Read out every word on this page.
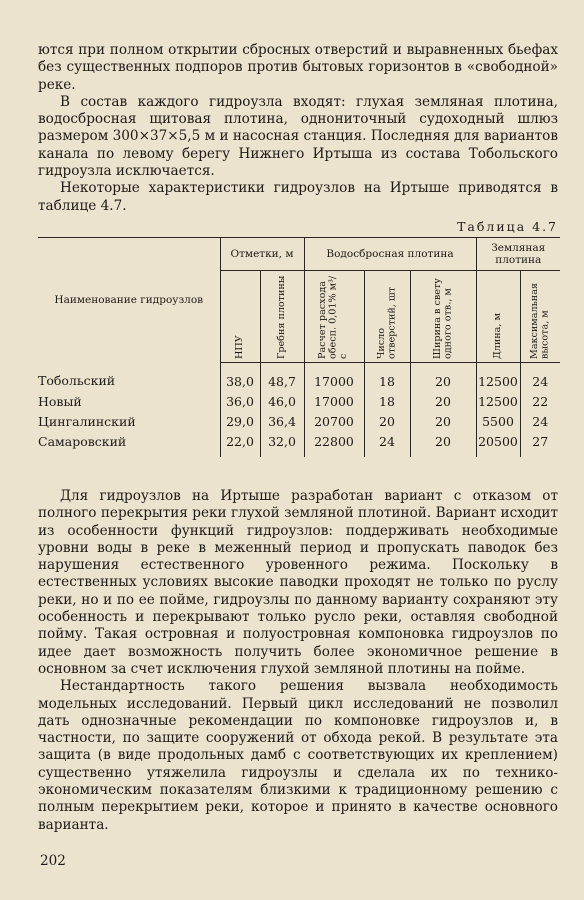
ются при полном открытии сбросных отверстий и выравненных бьефах без существенных подпоров против бытовых горизонтов в «свободной» реке.

В состав каждого гидроузла входят: глухая земляная плотина, водосбросная щитовая плотина, однониточный судоходный шлюз размером 300×37×5,5 м и насосная станция. Последняя для вариантов канала по левому берегу Нижнего Иртыша из состава Тобольского гидроузла исключается.

Некоторые характеристики гидроузлов на Иртыше приводятся в таблице 4.7.

Таблица 4.7
Наименование гидроузлов	Отметки, м		Водосбросная плотина			Земляная плотина	

	НПУ	Гребня плотины	Расчет расхода обесп. 0,01% м³/с	Число отверстий, шт	Ширина в свету одного отв., м	Длина, м	Максимальная высота, м

Тобольский	38,0	48,7	17000	18	20	12500	24
Новый	36,0	46,0	17000	18	20	12500	22
Цингалинский	29,0	36,4	20700	20	20	5500	24
Самаровский	22,0	32,0	22800	24	20	20500	27

Для гидроузлов на Иртыше разработан вариант с отказом от полного перекрытия реки глухой земляной плотиной. Вариант исходит из особенности функций гидроузлов: поддерживать необходимые уровни воды в реке в меженный период и пропускать паводок без нарушения естественного уровенного режима. Поскольку в естественных условиях высокие паводки проходят не только по руслу реки, но и по ее пойме, гидроузлы по данному варианту сохраняют эту особенность и перекрывают только русло реки, оставляя свободной пойму. Такая островная и полуостровная компоновка гидроузлов по идее дает возможность получить более экономичное решение в основном за счет исключения глухой земляной плотины на пойме.

Нестандартность такого решения вызвала необходимость модельных исследований. Первый цикл исследований не позволил дать однозначные рекомендации по компоновке гидроузлов и, в частности, по защите сооружений от обхода рекой. В результате эта защита (в виде продольных дамб с соответствующих их креплением) существенно утяжелила гидроузлы и сделала их по технико-экономическим показателям близкими к традиционному решению с полным перекрытием реки, которое и принято в качестве основного варианта.

202
